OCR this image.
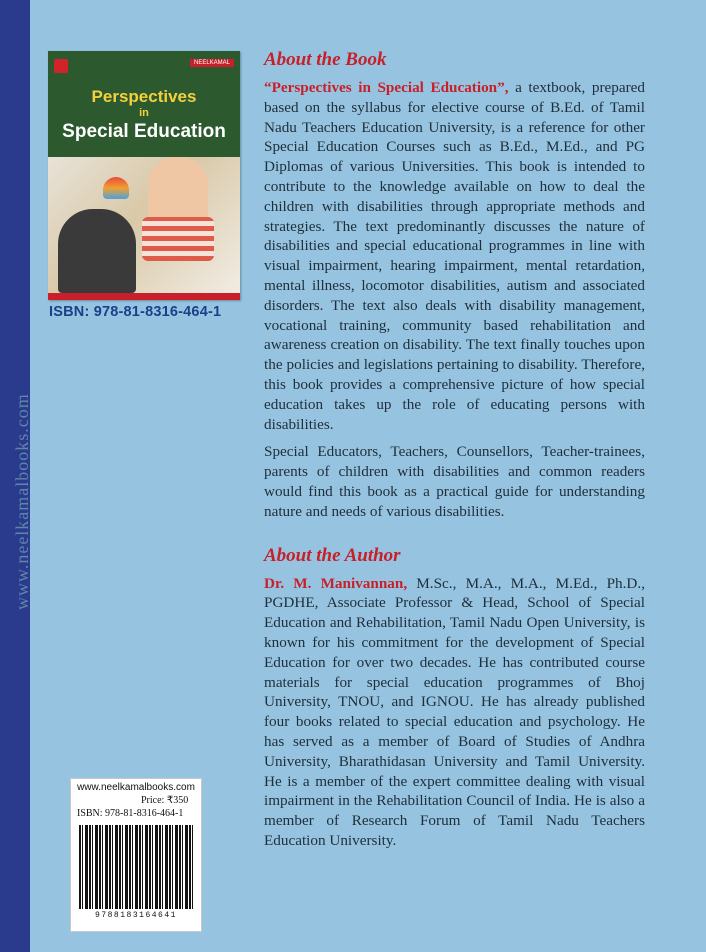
www.neelkamalbooks.com
NEELKAMAL
Perspectives
in
Special Education
ISBN: 978-81-8316-464-1
About the Book

“Perspectives in Special Education”, a textbook, prepared based on the syllabus for elective course of B.Ed. of Tamil Nadu Teachers Education University, is a reference for other Special Education Courses such as B.Ed., M.Ed., and PG Diplomas of various Universities. This book is intended to contribute to the knowledge available on how to deal the children with disabilities through appropriate methods and strategies. The text predominantly discusses the nature of disabilities and special educational programmes in line with visual impairment, hearing impairment, mental retardation, mental illness, locomotor disabilities, autism and associated disorders. The text also deals with disability management, vocational training, community based rehabilitation and awareness creation on disability. The text finally touches upon the policies and legislations pertaining to disability. Therefore, this book provides a comprehensive picture of how special education takes up the role of educating persons with disabilities.

Special Educators, Teachers, Counsellors, Teacher-trainees, parents of children with disabilities and common readers would find this book as a practical guide for understanding nature and needs of various disabilities.

About the Author

Dr. M. Manivannan, M.Sc., M.A., M.A., M.Ed., Ph.D., PGDHE, Associate Professor & Head, School of Special Education and Rehabilitation, Tamil Nadu Open University, is known for his commitment for the development of Special Education for over two decades. He has contributed course materials for special education programmes of Bhoj University, TNOU, and IGNOU. He has already published four books related to special education and psychology. He has served as a member of Board of Studies of Andhra University, Bharathidasan University and Tamil University. He is a member of the expert committee dealing with visual impairment in the Rehabilitation Council of India. He is also a member of Research Forum of Tamil Nadu Teachers Education University.

www.neelkamalbooks.com
Price: ₹350
ISBN: 978-81-8316-464-1
9788183164641
